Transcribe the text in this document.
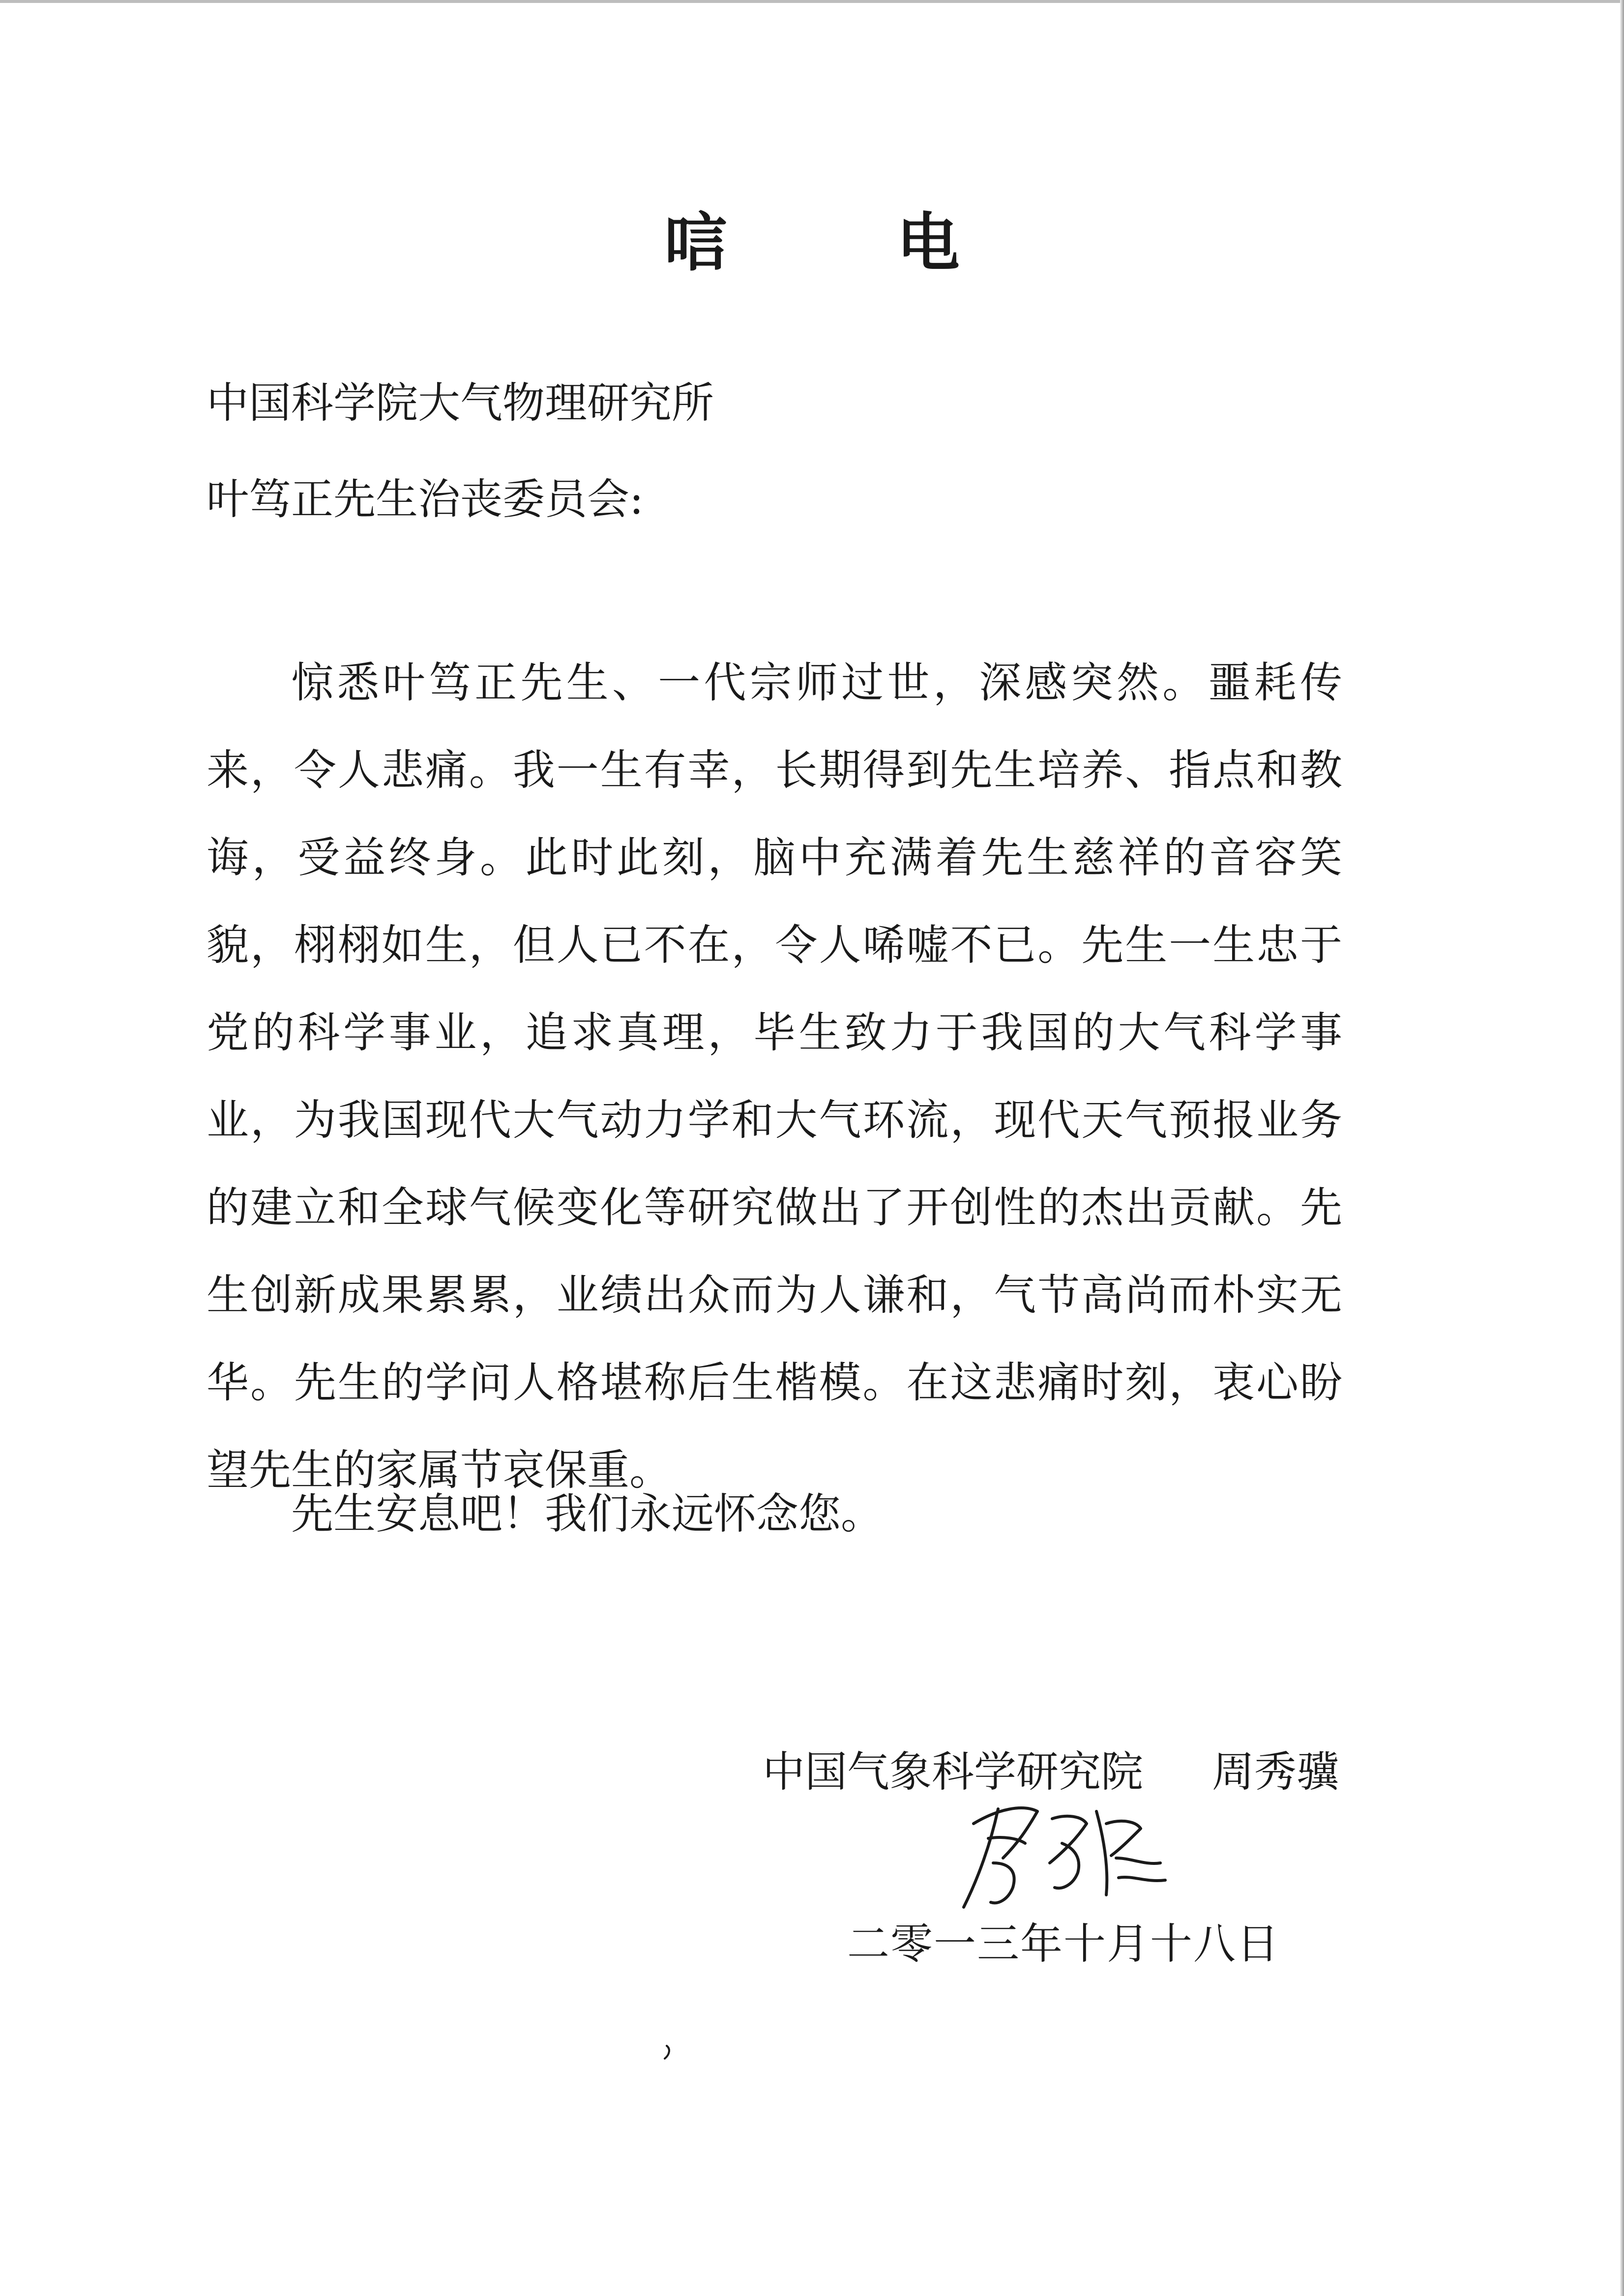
唁 电
中国科学院大气物理研究所
叶笃正先生治丧委员会:

惊悉叶笃正先生、一代宗师过世，深感突然。噩耗传来，令人悲痛。我一生有幸，长期得到先生培养、指点和教诲，受益终身。此时此刻，脑中充满着先生慈祥的音容笑貌，栩栩如生，但人已不在，令人唏嘘不已。先生一生忠于党的科学事业，追求真理，毕生致力于我国的大气科学事业，为我国现代大气动力学和大气环流，现代天气预报业务的建立和全球气候变化等研究做出了开创性的杰出贡献。先生创新成果累累，业绩出众而为人谦和，气节高尚而朴实无华。先生的学问人格堪称后生楷模。在这悲痛时刻，衷心盼望先生的家属节哀保重。

先生安息吧！我们永远怀念您。
中国气象科学研究院 周秀骥
二零一三年十月十八日
